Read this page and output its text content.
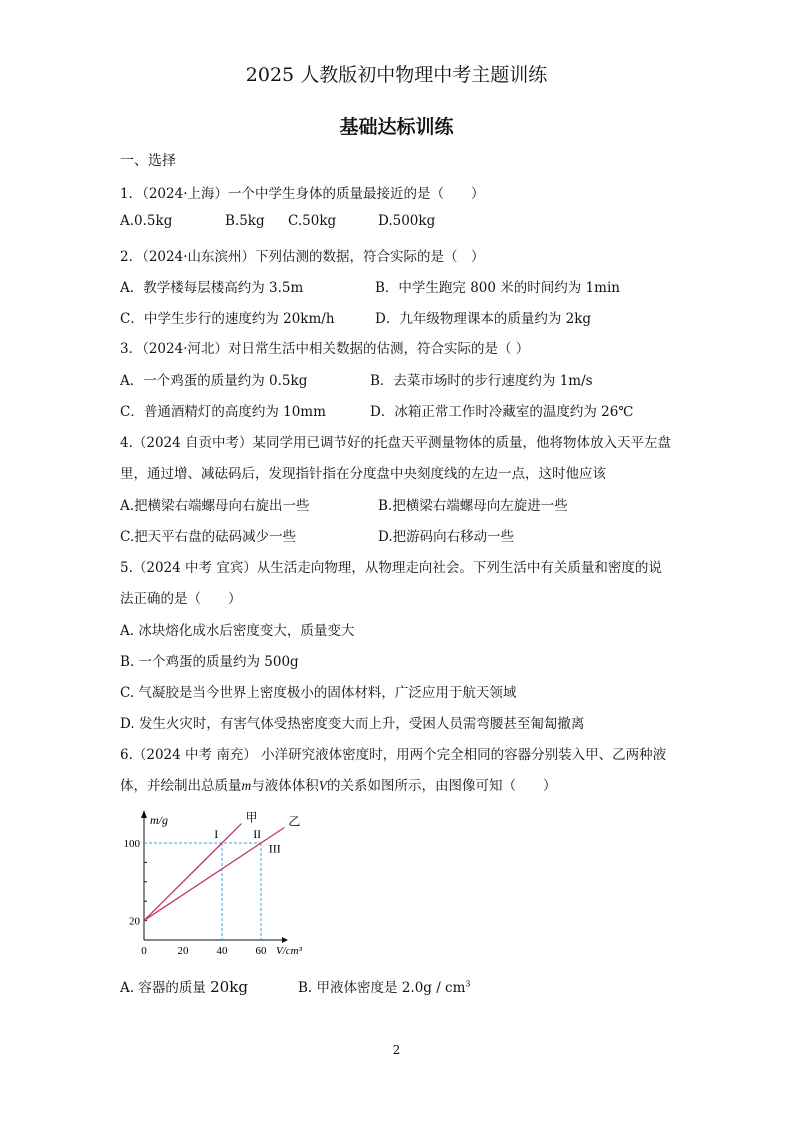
2025 人教版初中物理中考主题训练
基础达标训练
一、选择
1．（2024·上海）一个中学生身体的质量最接近的是（　　）
A.0.5kg	B.5kg C.50kg	D.500kg
2．（2024·山东滨州）下列估测的数据，符合实际的是（　）
A．教学楼每层楼高约为 3.5m	B．中学生跑完 800 米的时间约为 1min
C．中学生步行的速度约为 20km/h	D．九年级物理课本的质量约为 2kg
3．（2024·河北）对日常生活中相关数据的估测，符合实际的是（ ）
A．一个鸡蛋的质量约为 0.5kg	B．去菜市场时的步行速度约为 1m/s
C．普通酒精灯的高度约为 10mm	D．冰箱正常工作时冷藏室的温度约为 26℃
4.（2024 自贡中考）某同学用已调节好的托盘天平测量物体的质量，他将物体放入天平左盘
里，通过增、减砝码后，发现指针指在分度盘中央刻度线的左边一点，这时他应该
A.把横梁右端螺母向右旋出一些	B.把横梁右端螺母向左旋进一些
C.把天平右盘的砝码减少一些	D.把游码向右移动一些
5.（2024 中考 宜宾）从生活走向物理，从物理走向社会。下列生活中有关质量和密度的说
法正确的是（　　）
A. 冰块熔化成水后密度变大，质量变大
B. 一个鸡蛋的质量约为 500g
C. 气凝胶是当今世界上密度极小的固体材料，广泛应用于航天领域
D. 发生火灾时，有害气体受热密度变大而上升，受困人员需弯腰甚至匍匐撤离
6.（2024 中考 南充） 小洋研究液体密度时，用两个完全相同的容器分别装入甲、乙两种液
体，并绘制出总质量m与液体体积V的关系如图所示，由图像可知（　　）
m/g
V/cm³
0	20	40	60
20
100
甲	乙
I	II
III
A. 容器的质量 20kg	B. 甲液体密度是 $2.0g / cm^3$
2
